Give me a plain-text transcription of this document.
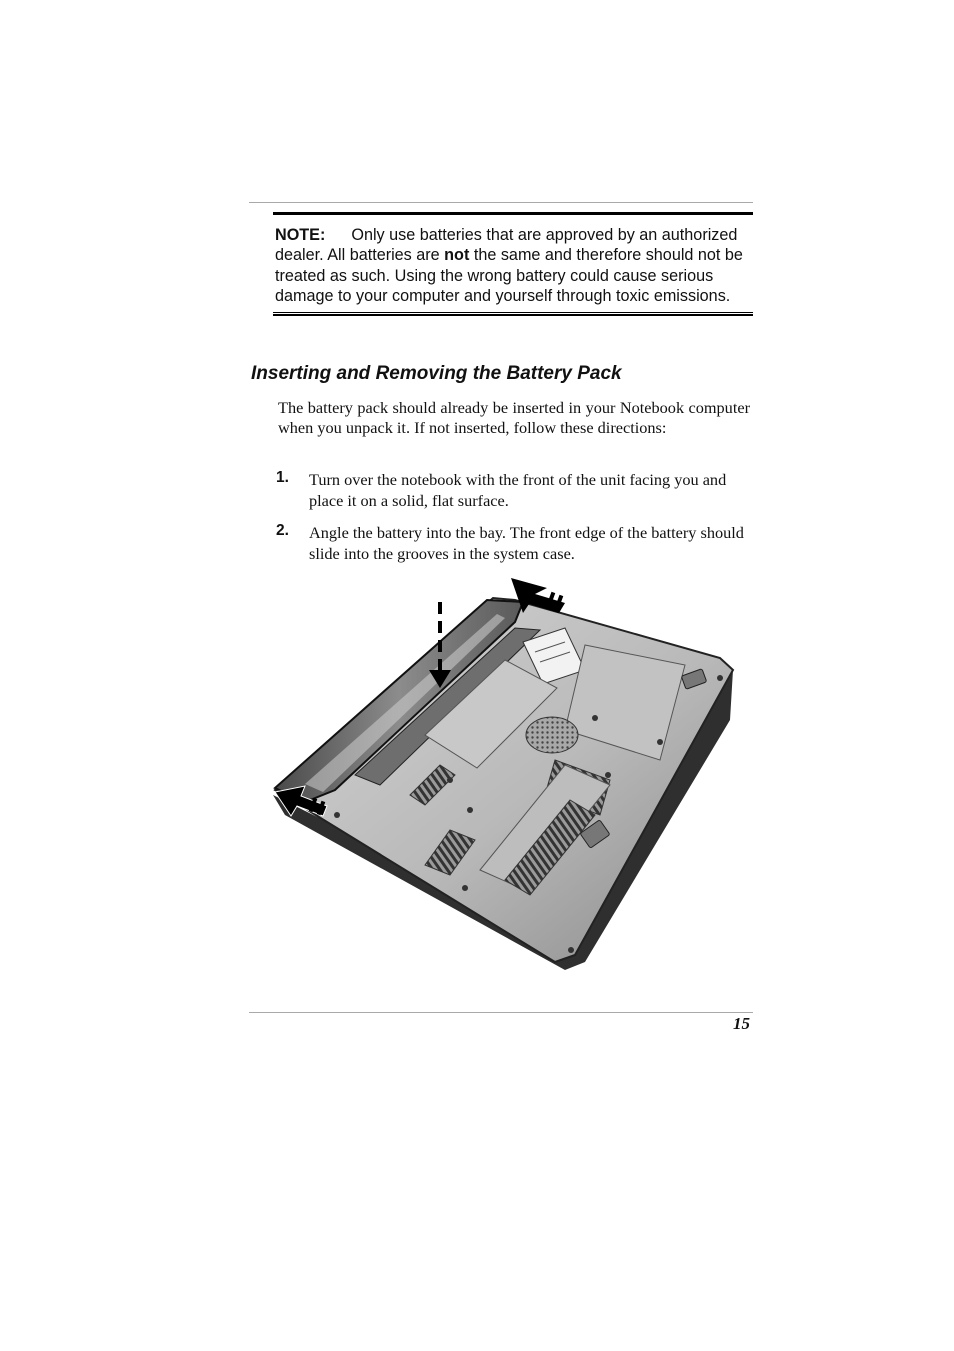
NOTE: Only use batteries that are approved by an authorized dealer. All batteries are not the same and therefore should not be treated as such. Using the wrong battery could cause serious damage to your computer and yourself through toxic emissions.
Inserting and Removing the Battery Pack

The battery pack should already be inserted in your Notebook computer when you unpack it. If not inserted, follow these directions:

1. Turn over the notebook with the front of the unit facing you and place it on a solid, flat surface.
2. Angle the battery into the bay. The front edge of the battery should slide into the grooves in the system case.
15
